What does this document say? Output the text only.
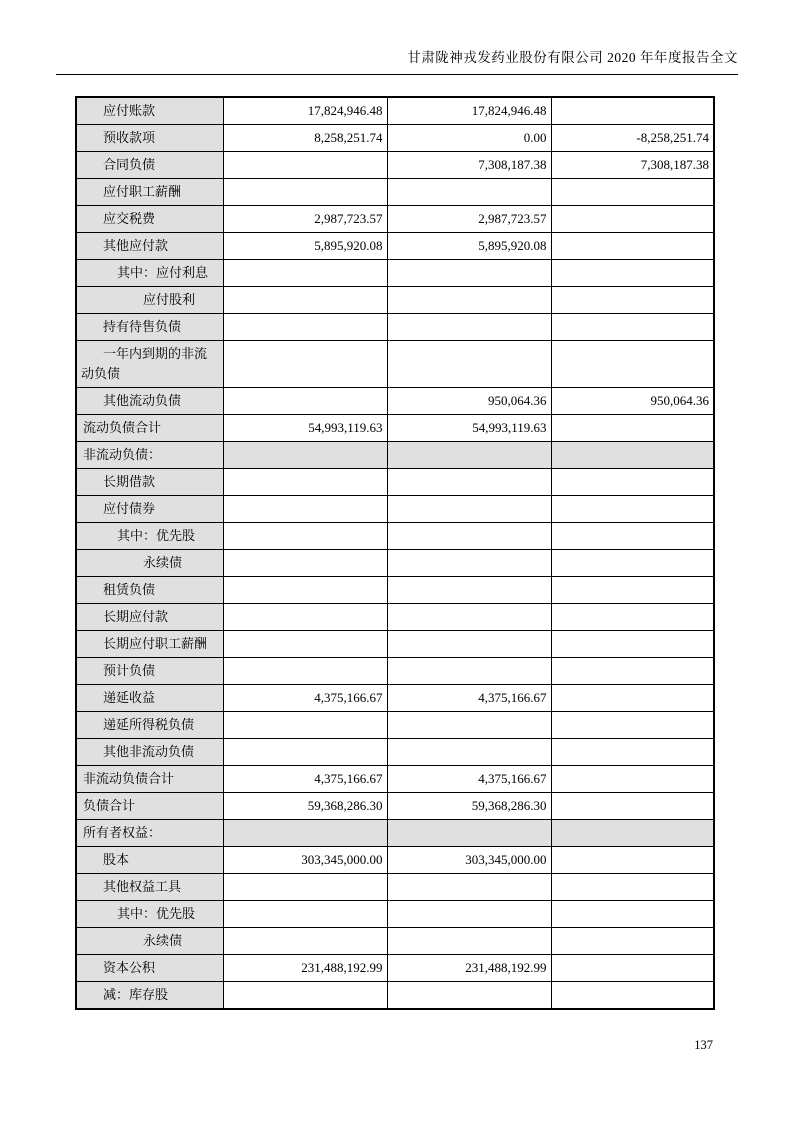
甘肃陇神戎发药业股份有限公司 2020 年年度报告全文
应付账款	17,824,946.48	17,824,946.48	
预收款项	8,258,251.74	0.00	-8,258,251.74
合同负债		7,308,187.38	7,308,187.38
应付职工薪酬			
应交税费	2,987,723.57	2,987,723.57	
其他应付款	5,895,920.08	5,895,920.08	
其中：应付利息			
应付股利			
持有待售负债			
一年内到期的非流动负债			
其他流动负债		950,064.36	950,064.36
流动负债合计	54,993,119.63	54,993,119.63	
非流动负债：			
长期借款			
应付债券			
其中：优先股			
永续债			
租赁负债			
长期应付款			
长期应付职工薪酬			
预计负债			
递延收益	4,375,166.67	4,375,166.67	
递延所得税负债			
其他非流动负债			
非流动负债合计	4,375,166.67	4,375,166.67	
负债合计	59,368,286.30	59,368,286.30	
所有者权益：			
股本	303,345,000.00	303,345,000.00	
其他权益工具			
其中：优先股			
永续债			
资本公积	231,488,192.99	231,488,192.99	
减：库存股			
137
